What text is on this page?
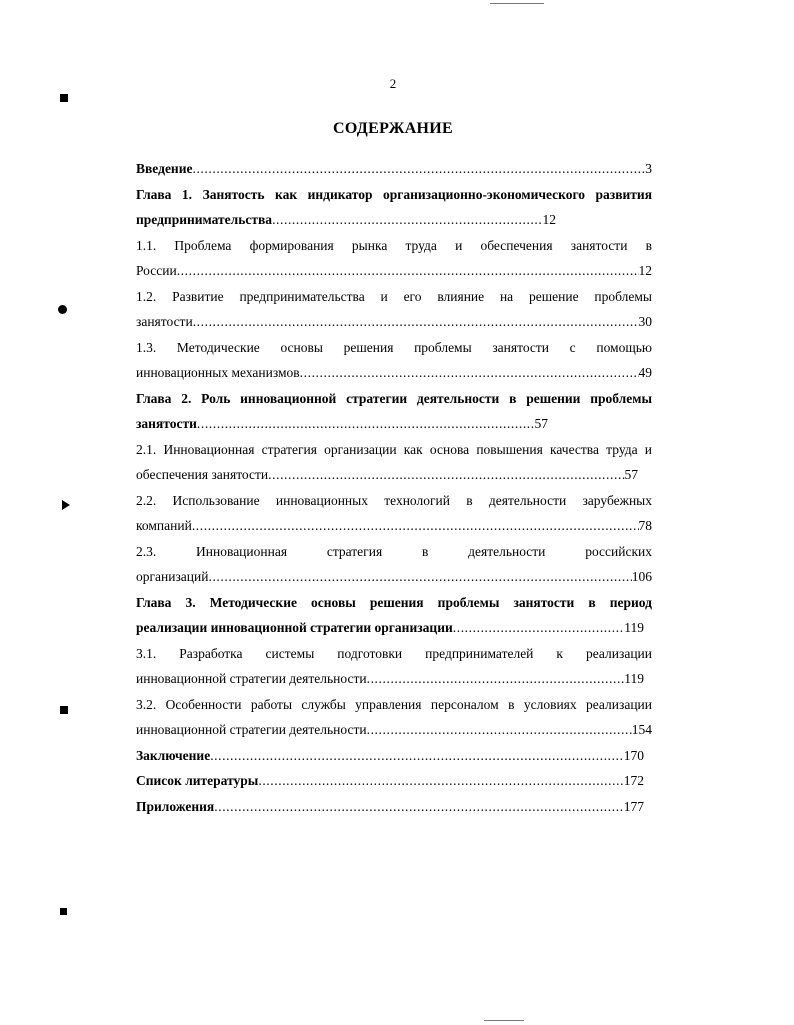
2
СОДЕРЖАНИЕ
Введение .....	3
Глава 1. Занятость как индикатор организационно-экономического развития
предпринимательства .....	12
1.1. Проблема формирования рынка труда и обеспечения занятости в
России .....	12
1.2. Развитие предпринимательства и его влияние на решение проблемы
занятости .....	30
1.3. Методические основы решения проблемы занятости с помощью
инновационных механизмов .....	49
Глава 2. Роль инновационной стратегии деятельности в решении проблемы
занятости .....	57
2.1. Инновационная стратегия организации как основа повышения качества труда и
обеспечения занятости .....	57
2.2. Использование инновационных технологий в деятельности зарубежных
компаний .....	78
2.3. Инновационная стратегия в деятельности российских
организаций .....	106
Глава 3. Методические основы решения проблемы занятости в период
реализации инновационной стратегии организации .....	119
3.1. Разработка системы подготовки предпринимателей к реализации
инновационной стратегии деятельности .....	119
3.2. Особенности работы службы управления персоналом в условиях реализации
инновационной стратегии деятельности .....	154
Заключение .....	170
Список литературы .....	172
Приложения .....	177
